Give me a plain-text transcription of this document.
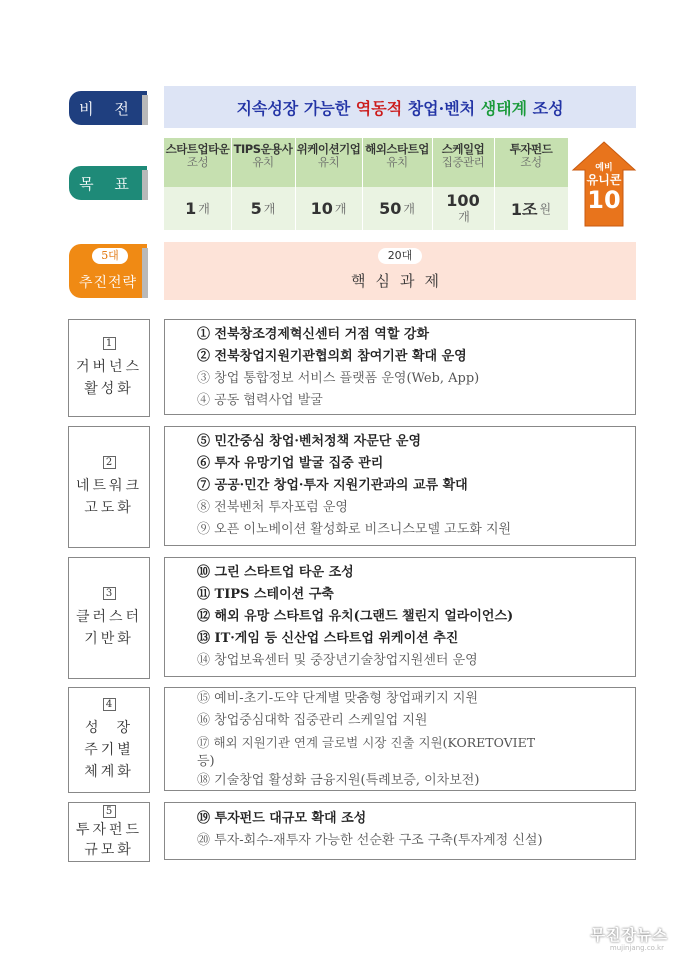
비 전	지속성장 가능한 역동적 창업·벤처 생태계 조성
목 표
스타트업타운
조성
1 개
TIPS운용사
유치
5 개
위케이션기업
유치
10 개
해외스타트업
유치
50 개
스케일업
집중관리
100
개
투자펀드
조성
1조 원
예비
유니콘
10
추진전략
5대	20대
핵심과제
1
거버넌스
활성화
① 전북창조경제혁신센터 거점 역할 강화
② 전북창업지원기관협의회 참여기관 확대 운영
③ 창업 통합정보 서비스 플랫폼 운영(Web, App)
④ 공동 협력사업 발굴
2
네트워크
고도화
⑤ 민간중심 창업·벤처정책 자문단 운영
⑥ 투자 유망기업 발굴 집중 관리
⑦ 공공·민간 창업·투자 지원기관과의 교류 확대
⑧ 전북벤처 투자포럼 운영
⑨ 오픈 이노베이션 활성화로 비즈니스모델 고도화 지원
3
클러스터
기반화
⑩ 그린 스타트업 타운 조성
⑪ TIPS 스테이션 구축
⑫ 해외 유망 스타트업 유치(그랜드 챌린지 얼라이언스)
⑬ IT·게임 등 신산업 스타트업 위케이션 추진
⑭ 창업보육센터 및 중장년기술창업지원센터 운영
4
성  장
주기별
체계화
⑮ 예비-초기-도약 단계별 맞춤형 창업패키지 지원
⑯ 창업중심대학 집중관리 스케일업 지원
⑰ 해외 지원기관 연계 글로벌 시장 진출 지원(KORETOVIET
등)
⑱ 기술창업 활성화 금융지원(특례보증, 이차보전)
5
투자펀드
규모화
⑲ 투자펀드 대규모 확대 조성
⑳ 투자-회수-재투자 가능한 선순환 구조 구축(투자계정 신설)
무진장뉴스
mujinjang.co.kr
